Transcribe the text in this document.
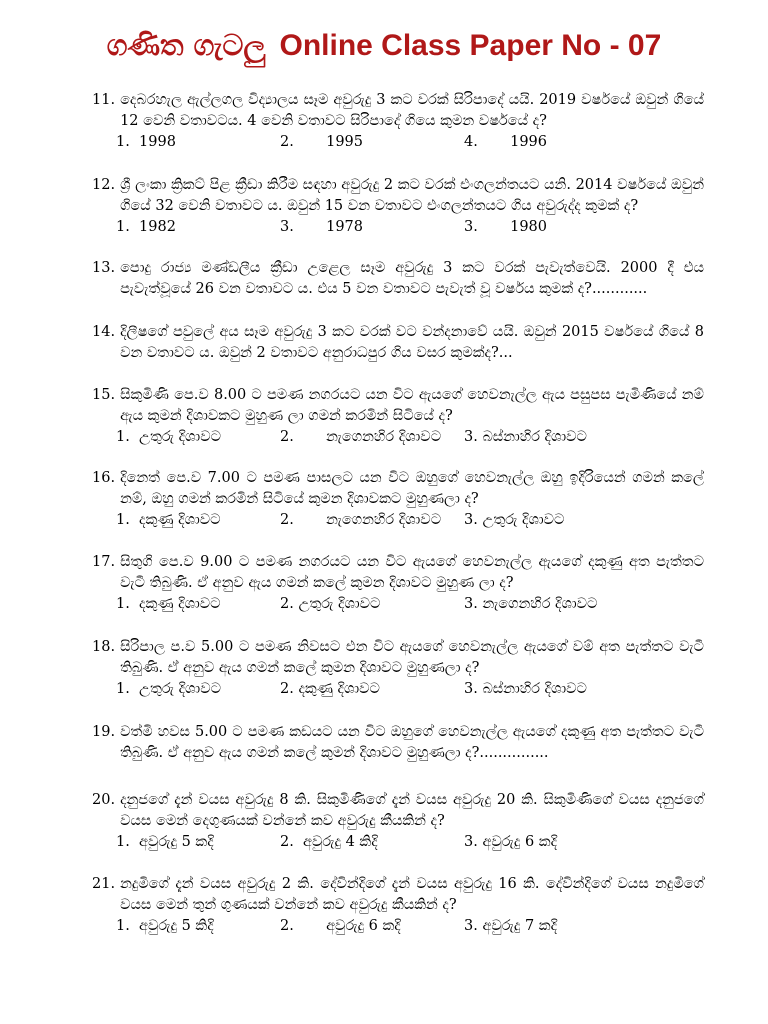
ගණිත ගැටලු Online Class Paper No - 07
11. දෙබරහැල ඇල්ලගල විද්‍යාලය සෑම අවුරුදු 3 කට වරක් සිරිපාදේ යයි. 2019 වර්ෂයේ ඔවුන් ගියේ 12 වෙනි වතාවටය. 4 වෙනි වතාවට සිරිපාදේ ගියෙ කුමන වර්ෂයේ ද?
1.  1998	2.       1995	4.       1996
12. ශ්‍රී ලංකා ක්‍රිකට් පිළ ක්‍රීඩා කිරීම සඳහා අවුරුදු 2 කට වරක් එංගලන්තයට යනි. 2014 වර්ෂයේ ඔවුන් ගියේ 32 වෙනි වතාවට ය. ඔවුන් 15 වන වතාවට එංගලන්තයට ගිය අවුරුද්ද කුමක් ද?
1.  1982	3.       1978	3.       1980
13. පොදු රාජ්‍ය මණ්ඩලීය ක්‍රීඩා උළෙල සෑම අවුරුදු 3 කට වරක් පැවැත්වෙයි. 2000 දී එය පැවැත්වූයේ 26 වන වතාවට ය. එය 5 වන වතාවට පැවැත් වූ වර්ෂය කුමක් ද?............
14. දිලීෂගේ පවුලේ අය සෑම අවුරුදු 3 කට වරක් වට වන්දනාවේ යයි. ඔවුන් 2015 වර්ෂයේ ගියේ 8 වන වතාවට ය. ඔවුන් 2 වතාවට අනුරාධපුර ගිය වසර කුමක්ද?...
15. සිකුමිණි පෙ.ව 8.00 ට පමණ නගරයට යන විට ඇයගේ හෙවනැල්ල ඇය පසුපස පැමිණියේ නම් ඇය කුමන් දිශාවකට මුහුණ ලා ගමන් කරමින් සිටියේ ද?
1.  උතුරු දිශාවට	2.       නැගෙනහිර දිශාවට 3. බස්නාහිර දිශාවට
16. දිනෙත් පෙ.ව 7.00 ට පමණ පාසලට යන විට ඔහුගේ හෙවනැල්ල ඔහු ඉදිරියෙන් ගමන් කලේ නම්, ඔහු ගමන් කරමින් සිටියේ කුමන දිශාවකට මුහුණලා ද?
1.  දකුණු දිශාවට	2.       නැගෙනහිර දිශාවට 3. උතුරු දිශාවට
17. සිතුගි පෙ.ව 9.00 ට පමණ නගරයට යන විට ඇයගේ හෙවනැල්ල ඇයගේ දකුණු අත පැත්තට වැටී තිබුණි. ඒ අනුව ඇය ගමන් කලේ කුමන දිශාවට මුහුණ ලා ද?
1.  දකුණු දිශාවට	2. උතුරු දිශාවට	3. නැගෙනහිර දිශාවට
18. සිරිපාල ප.ව 5.00 ට පමණ නිවසට එන විට ඇයගේ හෙවනැල්ල ඇයගේ වම් අත පැත්තට වැටී තිබුණි. ඒ අනුව ඇය ගමන් කලේ කුමන දිශාවට මුහුණලා ද?
1.  උතුරු දිශාවට	2. දකුණු දිශාවට	3. බස්නාහිර දිශාවට
19. වත්මි හවස 5.00 ට පමණ කඩයට යන විට ඔහුගේ හෙවනැල්ල ඇයගේ දකුණු අත පැත්තට වැටී තිබුණි. ඒ අනුව ඇය ගමන් කලේ කුමන් දිශාවට මුහුණලා ද?...............
20. දනුජගේ දැන් වයස අවුරුදු 8 කි. සිකුමිණිගේ දැන් වයස අවුරුදු 20 කි. සිකුමිණිගේ වයස දනුජගේ වයස මෙන් දෙගුණයක් වන්නේ කව අවුරුදු කීයකින් ද?
1.  අවුරුදු 5 කදි	2.  අවුරුදු 4 කිදි	3. අවුරුදු 6 කදි
21. නදුමිගේ දැන් වයස අවුරුදු 2 කි. දේවින්දිගේ දැන් වයස අවුරුදු 16 කි. දේවින්දිගේ වයස නදුමිගේ වයස මෙන් තුන් ගුණයක් වන්නේ කව අවුරුදු කීයකින් ද?
1.  අවුරුදු 5 කිදි	2.       අවුරුදු 6 කදි	3. අවුරුදු 7 කදි
